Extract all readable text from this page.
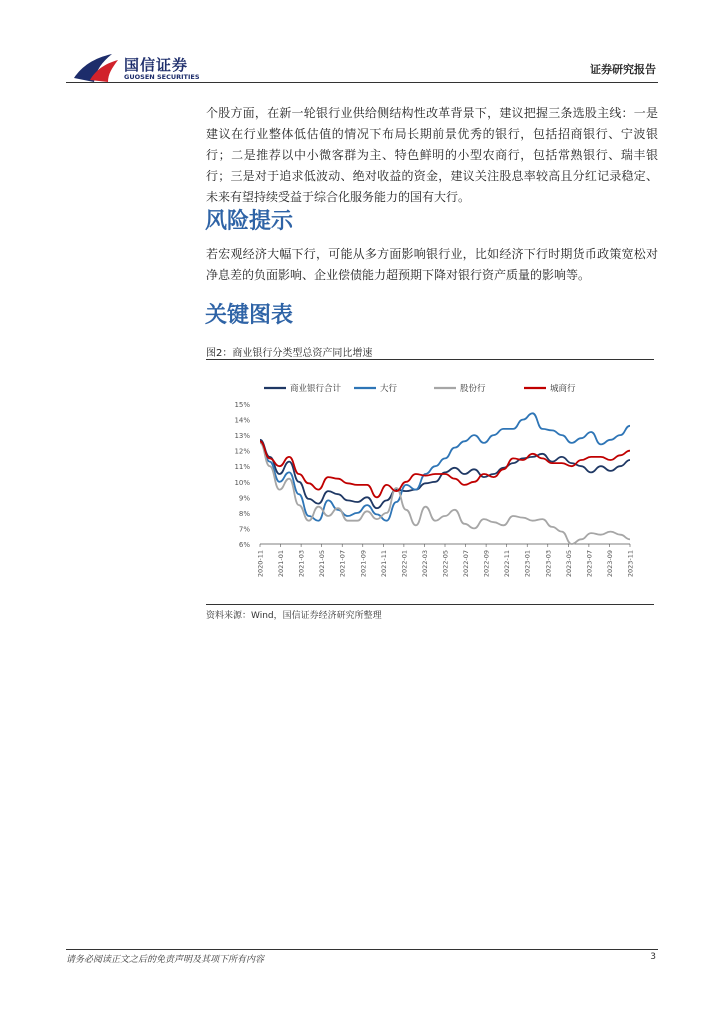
国信证券
GUOSEN SECURITIES
证券研究报告

个股方面，在新一轮银行业供给侧结构性改革背景下，建议把握三条选股主线：一是建议在行业整体低估值的情况下布局长期前景优秀的银行，包括招商银行、宁波银行；二是推荐以中小微客群为主、特色鲜明的小型农商行，包括常熟银行、瑞丰银行；三是对于追求低波动、绝对收益的资金，建议关注股息率较高且分红记录稳定、未来有望持续受益于综合化服务能力的国有大行。

风险提示

若宏观经济大幅下行，可能从多方面影响银行业，比如经济下行时期货币政策宽松对净息差的负面影响、企业偿债能力超预期下降对银行资产质量的影响等。

关键图表
图2：商业银行分类型总资产同比增速
商业银行合计	大行	股份行	城商行
15%
14%
13%
12%
11%
10%
9%
8%
7%
6%
2020-11 2021-01 2021-03 2021-05 2021-07 2021-09 2021-11 2022-01 2022-03 2022-05 2022-07 2022-09 2022-11 2023-01 2023-03 2023-05 2023-07 2023-09 2023-11
资料来源：Wind，国信证券经济研究所整理
请务必阅读正文之后的免责声明及其项下所有内容	3
